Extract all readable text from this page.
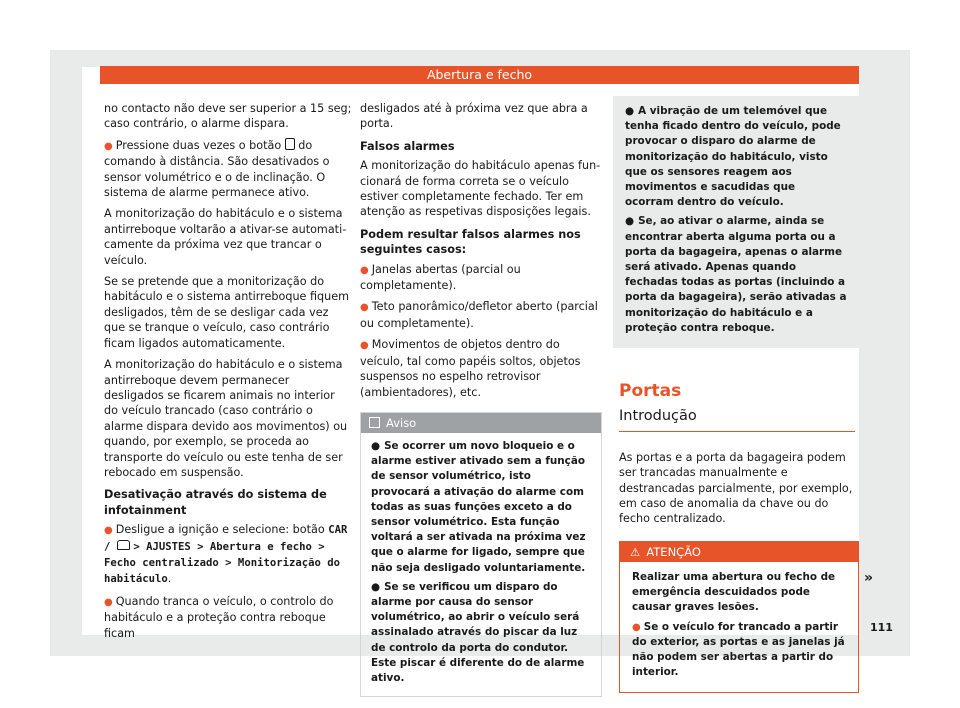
Abertura e fecho

no contacto não deve ser superior a 15 seg; caso contrário, o alarme dispara.

● Pressione duas vezes o botão do comando à distância. São desativados o sensor volumétrico e o de inclinação. O sistema de alarme permanece ativo.

A monitorização do habitáculo e o sistema antirreboque voltarão a ativar-se automaticamente da próxima vez que trancar o veículo.

Se se pretende que a monitorização do habitáculo e o sistema antirreboque fiquem desligados, têm de se desligar cada vez que se tranque o veículo, caso contrário ficam ligados automaticamente.

A monitorização do habitáculo e o sistema antirreboque devem permanecer desligados se ficarem animais no interior do veículo trancado (caso contrário o alarme dispara devido aos movimentos) ou quando, por exemplo, se proceda ao transporte do veículo ou este tenha de ser rebocado em suspensão.

Desativação através do sistema de infotainment

● Desligue a ignição e selecione: botão CAR /  > AJUSTES > Abertura e fecho > Fecho centralizado > Monitorização do habitáculo.

● Quando tranca o veículo, o controlo do habitáculo e a proteção contra reboque ficam

desligados até à próxima vez que abra a porta.

Falsos alarmes

A monitorização do habitáculo apenas funcionará de forma correta se o veículo estiver completamente fechado. Ter em atenção as respetivas disposições legais.

Podem resultar falsos alarmes nos seguintes casos:

● Janelas abertas (parcial ou completamente).

● Teto panorâmico/defletor aberto (parcial ou completamente).

● Movimentos de objetos dentro do veículo, tal como papéis soltos, objetos suspensos no espelho retrovisor (ambientadores), etc.

Aviso

● Se ocorrer um novo bloqueio e o alarme estiver ativado sem a função de sensor volumétrico, isto provocará a ativação do alarme com todas as suas funções exceto a do sensor volumétrico. Esta função voltará a ser ativada na próxima vez que o alarme for ligado, sempre que não seja desligado voluntariamente.

● Se se verificou um disparo do alarme por causa do sensor volumétrico, ao abrir o veículo será assinalado através do piscar da luz de controlo da porta do condutor. Este piscar é diferente do de alarme ativo.

● A vibração de um telemóvel que tenha ficado dentro do veículo, pode provocar o disparo do alarme de monitorização do habitáculo, visto que os sensores reagem aos movimentos e sacudidas que ocorram dentro do veículo.

● Se, ao ativar o alarme, ainda se encontrar aberta alguma porta ou a porta da bagageira, apenas o alarme será ativado. Apenas quando fechadas todas as portas (incluindo a porta da bagageira), serão ativadas a monitorização do habitáculo e a proteção contra reboque.

Portas
Introdução

As portas e a porta da bagageira podem ser trancadas manualmente e destrancadas parcialmente, por exemplo, em caso de anomalia da chave ou do fecho centralizado.

⚠ ATENÇÃO

Realizar uma abertura ou fecho de emergência descuidados pode causar graves lesões.

● Se o veículo for trancado a partir do exterior, as portas e as janelas já não podem ser abertas a partir do interior.

»
111
